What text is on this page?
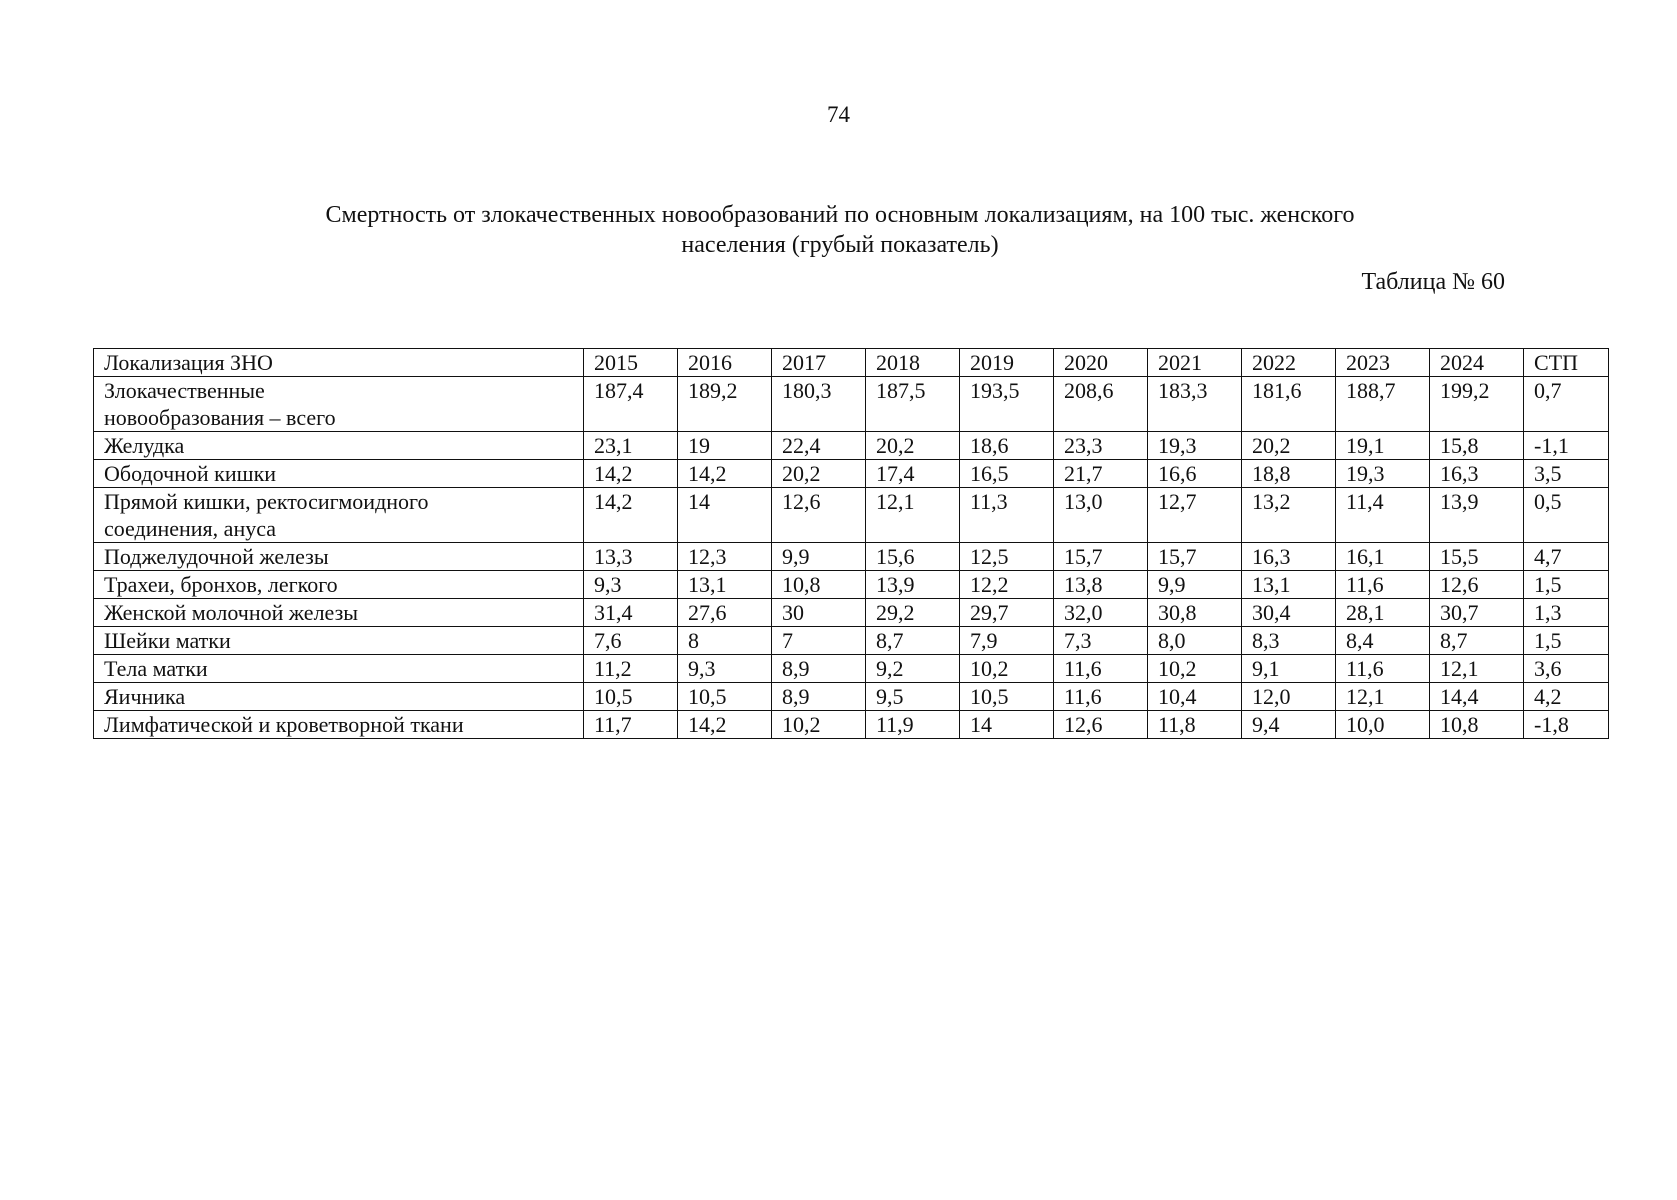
74
Смертность от злокачественных новообразований по основным локализациям, на 100 тыс. женского
населения (грубый показатель)
Таблица № 60
Локализация ЗНО	2015	2016	2017	2018	2019	2020	2021	2022	2023	2024	СТП

Злокачественные
новообразования – всего	187,4	189,2	180,3	187,5	193,5	208,6	183,3	181,6	188,7	199,2	0,7

Желудка	23,1	19	22,4	20,2	18,6	23,3	19,3	20,2	19,1	15,8	-1,1

Ободочной кишки	14,2	14,2	20,2	17,4	16,5	21,7	16,6	18,8	19,3	16,3	3,5

Прямой кишки, ректосигмоидного
соединения, ануса	14,2	14	12,6	12,1	11,3	13,0	12,7	13,2	11,4	13,9	0,5

Поджелудочной железы	13,3	12,3	9,9	15,6	12,5	15,7	15,7	16,3	16,1	15,5	4,7

Трахеи, бронхов, легкого	9,3	13,1	10,8	13,9	12,2	13,8	9,9	13,1	11,6	12,6	1,5

Женской молочной железы	31,4	27,6	30	29,2	29,7	32,0	30,8	30,4	28,1	30,7	1,3

Шейки матки	7,6	8	7	8,7	7,9	7,3	8,0	8,3	8,4	8,7	1,5

Тела матки	11,2	9,3	8,9	9,2	10,2	11,6	10,2	9,1	11,6	12,1	3,6

Яичника	10,5	10,5	8,9	9,5	10,5	11,6	10,4	12,0	12,1	14,4	4,2

Лимфатической и кроветворной ткани	11,7	14,2	10,2	11,9	14	12,6	11,8	9,4	10,0	10,8	-1,8
